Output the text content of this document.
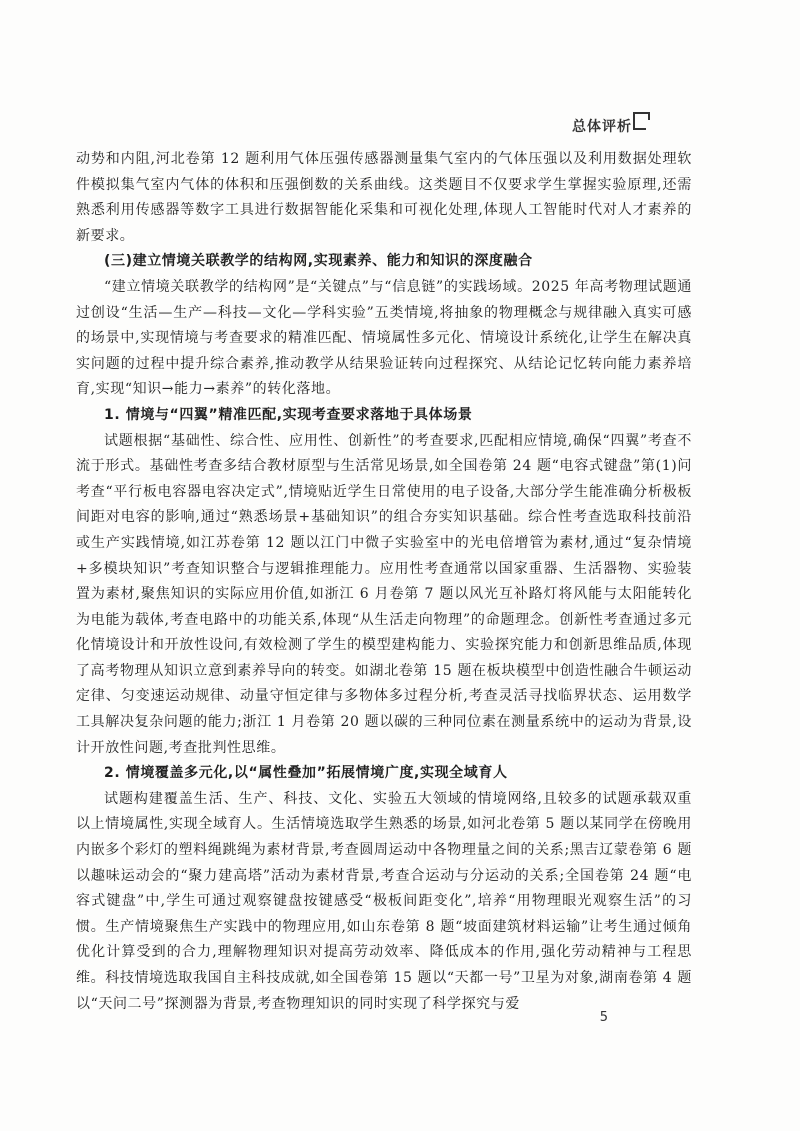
总体评析

动势和内阻,河北卷第 12 题利用气体压强传感器测量集气室内的气体压强以及利用数据处理软件模拟集气室内气体的体积和压强倒数的关系曲线。这类题目不仅要求学生掌握实验原理,还需熟悉利用传感器等数字工具进行数据智能化采集和可视化处理,体现人工智能时代对人才素养的新要求。

(三)建立情境关联教学的结构网,实现素养、能力和知识的深度融合

“建立情境关联教学的结构网”是“关键点”与“信息链”的实践场域。2025 年高考物理试题通过创设“生活—生产—科技—文化—学科实验”五类情境,将抽象的物理概念与规律融入真实可感的场景中,实现情境与考查要求的精准匹配、情境属性多元化、情境设计系统化,让学生在解决真实问题的过程中提升综合素养,推动教学从结果验证转向过程探究、从结论记忆转向能力素养培育,实现“知识→能力→素养”的转化落地。

1. 情境与“四翼”精准匹配,实现考查要求落地于具体场景

试题根据“基础性、综合性、应用性、创新性”的考查要求,匹配相应情境,确保“四翼”考查不流于形式。基础性考查多结合教材原型与生活常见场景,如全国卷第 24 题“电容式键盘”第(1)问考查“平行板电容器电容决定式”,情境贴近学生日常使用的电子设备,大部分学生能准确分析极板间距对电容的影响,通过“熟悉场景+基础知识”的组合夯实知识基础。综合性考查选取科技前沿或生产实践情境,如江苏卷第 12 题以江门中微子实验室中的光电倍增管为素材,通过“复杂情境+多模块知识”考查知识整合与逻辑推理能力。应用性考查通常以国家重器、生活器物、实验装置为素材,聚焦知识的实际应用价值,如浙江 6 月卷第 7 题以风光互补路灯将风能与太阳能转化为电能为载体,考查电路中的功能关系,体现“从生活走向物理”的命题理念。创新性考查通过多元化情境设计和开放性设问,有效检测了学生的模型建构能力、实验探究能力和创新思维品质,体现了高考物理从知识立意到素养导向的转变。如湖北卷第 15 题在板块模型中创造性融合牛顿运动定律、匀变速运动规律、动量守恒定律与多物体多过程分析,考查灵活寻找临界状态、运用数学工具解决复杂问题的能力;浙江 1 月卷第 20 题以碳的三种同位素在测量系统中的运动为背景,设计开放性问题,考查批判性思维。

2. 情境覆盖多元化,以“属性叠加”拓展情境广度,实现全域育人

试题构建覆盖生活、生产、科技、文化、实验五大领域的情境网络,且较多的试题承载双重以上情境属性,实现全域育人。生活情境选取学生熟悉的场景,如河北卷第 5 题以某同学在傍晚用内嵌多个彩灯的塑料绳跳绳为素材背景,考查圆周运动中各物理量之间的关系;黑吉辽蒙卷第 6 题以趣味运动会的“聚力建高塔”活动为素材背景,考查合运动与分运动的关系;全国卷第 24 题“电容式键盘”中,学生可通过观察键盘按键感受“极板间距变化”,培养“用物理眼光观察生活”的习惯。生产情境聚焦生产实践中的物理应用,如山东卷第 8 题“坡面建筑材料运输”让考生通过倾角优化计算受到的合力,理解物理知识对提高劳动效率、降低成本的作用,强化劳动精神与工程思维。科技情境选取我国自主科技成就,如全国卷第 15 题以“天都一号”卫星为对象,湖南卷第 4 题以“天问二号”探测器为背景,考查物理知识的同时实现了科学探究与爱

5
